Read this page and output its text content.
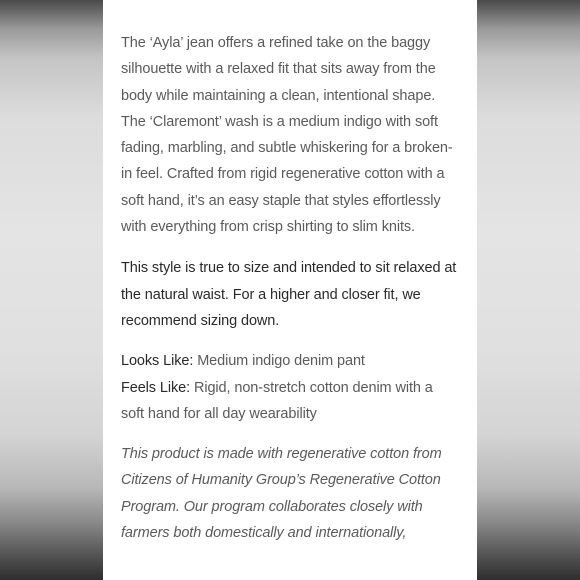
The ‘Ayla’ jean offers a refined take on the baggy silhouette with a relaxed fit that sits away from the body while maintaining a clean, intentional shape. The ‘Claremont’ wash is a medium indigo with soft fading, marbling, and subtle whiskering for a broken-in feel. Crafted from rigid regenerative cotton with a soft hand, it’s an easy staple that styles effortlessly with everything from crisp shirting to slim knits.

This style is true to size and intended to sit relaxed at the natural waist. For a higher and closer fit, we recommend sizing down.

Looks Like: Medium indigo denim pant
Feels Like: Rigid, non-stretch cotton denim with a soft hand for all day wearability

This product is made with regenerative cotton from Citizens of Humanity Group’s Regenerative Cotton Program. Our program collaborates closely with farmers both domestically and internationally,
